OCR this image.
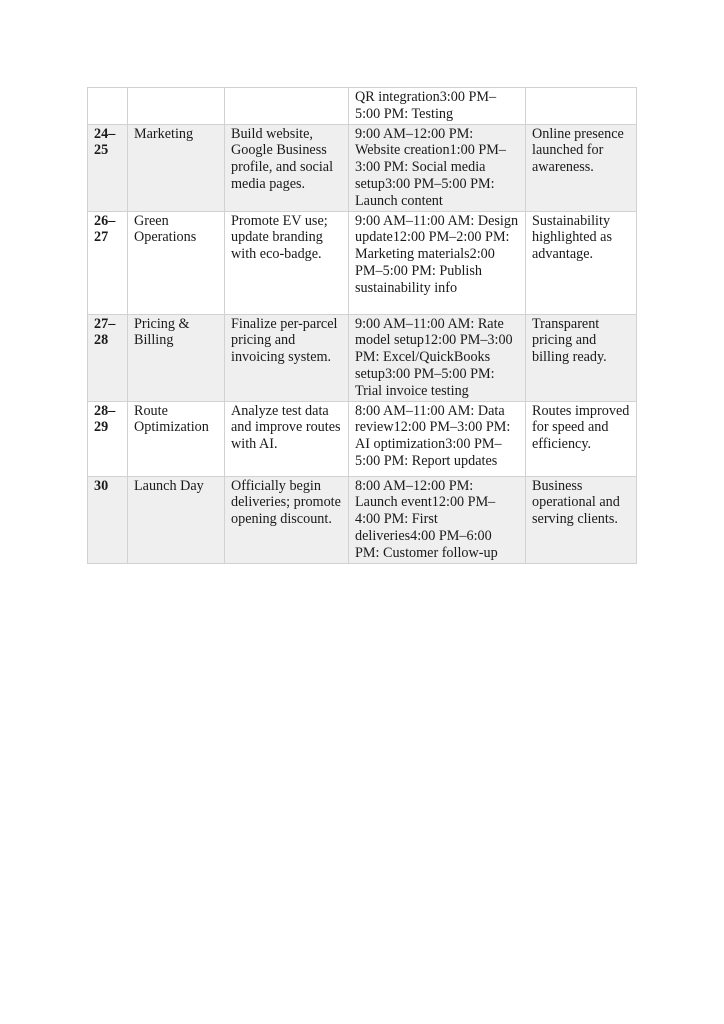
			QR integration3:00 PM–5:00 PM: Testing	
24–25	Marketing	Build website, Google Business profile, and social media pages.	9:00 AM–12:00 PM: Website creation1:00 PM–3:00 PM: Social media setup3:00 PM–5:00 PM: Launch content	Online presence launched for awareness.
26–27	Green Operations	Promote EV use; update branding with eco-badge.	9:00 AM–11:00 AM: Design update12:00 PM–2:00 PM: Marketing materials2:00 PM–5:00 PM: Publish sustainability info	Sustainability highlighted as advantage.
27–28	Pricing & Billing	Finalize per-parcel pricing and invoicing system.	9:00 AM–11:00 AM: Rate model setup12:00 PM–3:00 PM: Excel/QuickBooks setup3:00 PM–5:00 PM: Trial invoice testing	Transparent pricing and billing ready.
28–29	Route Optimization	Analyze test data and improve routes with AI.	8:00 AM–11:00 AM: Data review12:00 PM–3:00 PM: AI optimization3:00 PM–5:00 PM: Report updates	Routes improved for speed and efficiency.
30	Launch Day	Officially begin deliveries; promote opening discount.	8:00 AM–12:00 PM: Launch event12:00 PM–4:00 PM: First deliveries4:00 PM–6:00 PM: Customer follow-up	Business operational and serving clients.
